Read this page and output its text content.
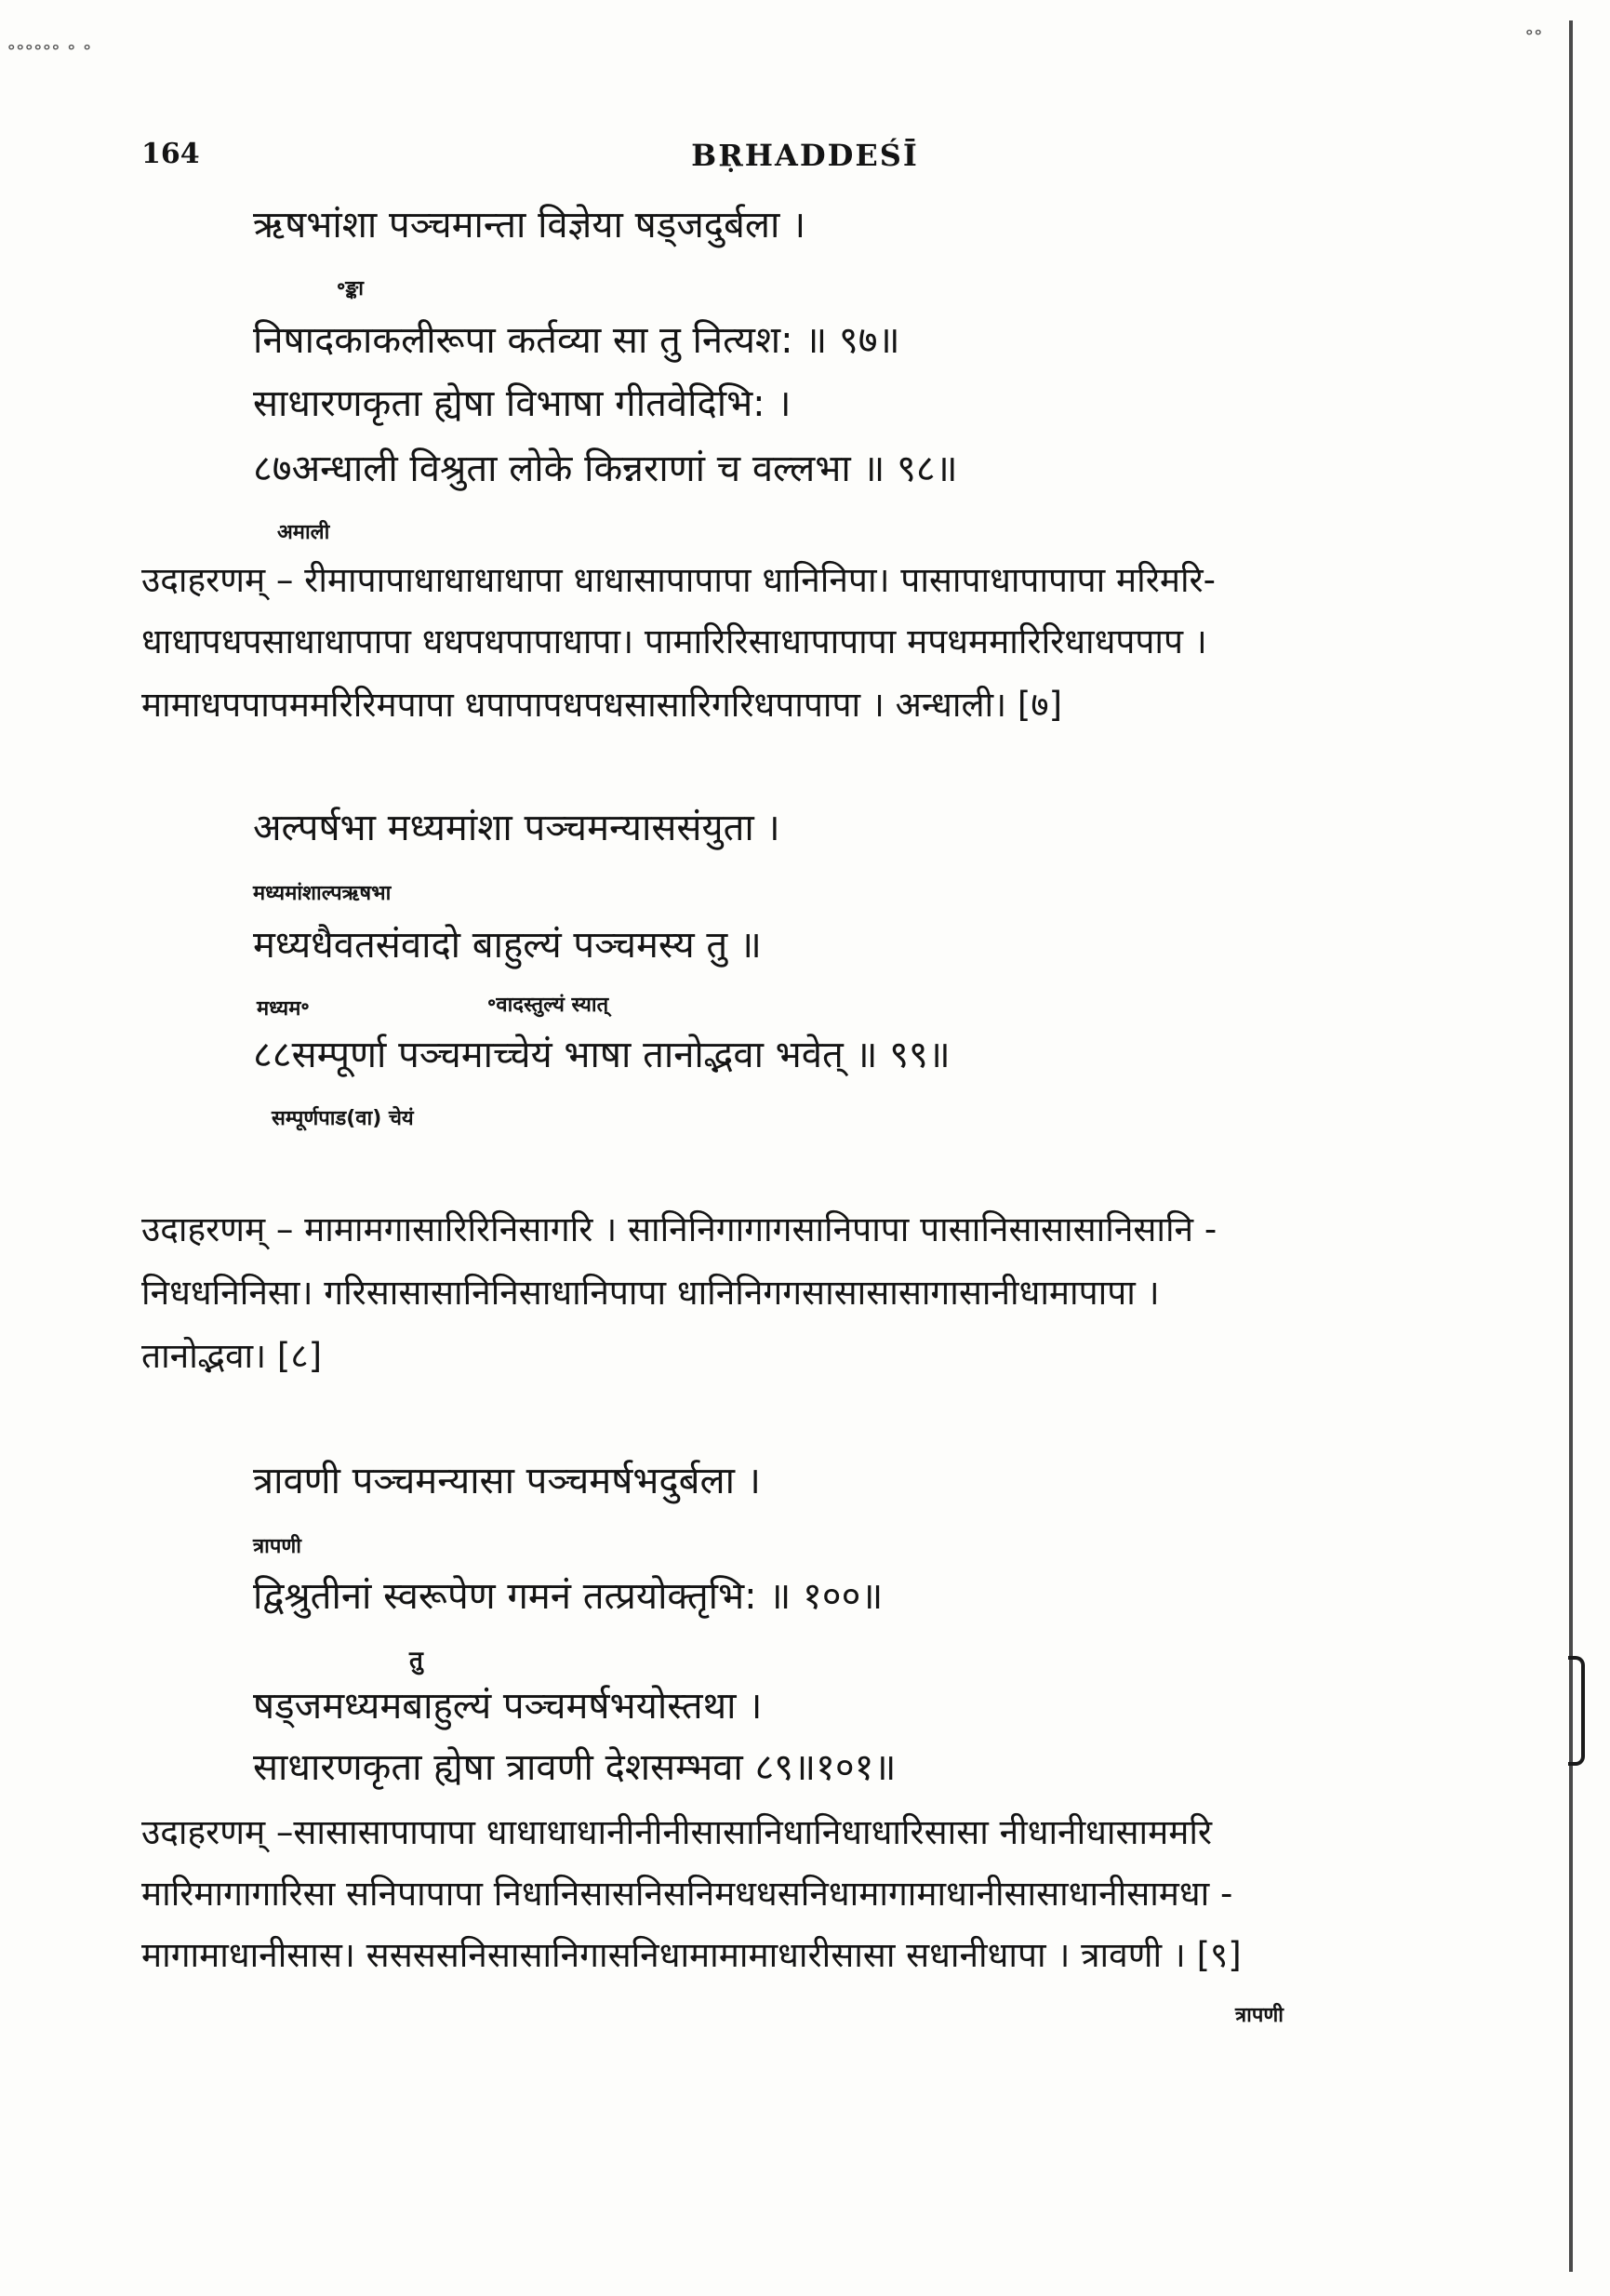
॰॰॰॰॰॰ ॰ ॰
॰॰
164	BṚHADDEŚĪ
ऋषभांशा पञ्चमान्ता विज्ञेया षड्जदुर्बला ।
॰ङ्का
निषादकाकलीरूपा कर्तव्या सा तु नित्यश: ॥ ९७॥
साधारणकृता ह्येषा विभाषा गीतवेदिभि: ।
८७अन्धाली विश्रुता लोके किन्नराणां च वल्लभा ॥ ९८॥
अमाली
उदाहरणम् – रीमापापाधाधाधाधापा धाधासापापापा धानिनिपा। पासापाधापापापा मरिमरि-
धाधापधपसाधाधापापा धधपधपापाधापा। पामारिरिसाधापापापा मपधममारिरिधाधपपाप ।
मामाधपपापममरिरिमपापा धपापापधपधसासारिगरिधपापापा । अन्धाली। [७]
अल्पर्षभा मध्यमांशा पञ्चमन्याससंयुता ।
मध्यमांशाल्पऋषभा
मध्यधैवतसंवादो बाहुल्यं पञ्चमस्य तु ॥
मध्यम॰	॰वादस्तुल्यं स्यात्
८८सम्पूर्णा पञ्चमाच्चेयं भाषा तानोद्भवा भवेत् ॥ ९९॥
सम्पूर्णपाड(वा) चेयं
उदाहरणम् – मामामगासारिरिनिसागरि । सानिनिगागागसानिपापा पासानिसासासानिसानि -
निधधनिनिसा। गरिसासासानिनिसाधानिपापा धानिनिगगसासासासागासानीधामापापा ।
तानोद्भवा। [८]
त्रावणी पञ्चमन्यासा पञ्चमर्षभदुर्बला ।
त्रापणी
द्विश्रुतीनां स्वरूपेण गमनं तत्प्रयोक्तृभि: ॥ १००॥
तु
षड्जमध्यमबाहुल्यं पञ्चमर्षभयोस्तथा ।
साधारणकृता ह्येषा त्रावणी देशसम्भवा ८९॥१०१॥
उदाहरणम् –सासासापापापा धाधाधाधानीनीनीसासानिधानिधाधारिसासा नीधानीधासाममरि
मारिमागागारिसा सनिपापापा निधानिसासनिसनिमधधसनिधामागामाधानीसासाधानीसामधा -
मागामाधानीसास। ससससनिसासानिगासनिधामामामाधारीसासा सधानीधापा । त्रावणी । [९]
त्रापणी
